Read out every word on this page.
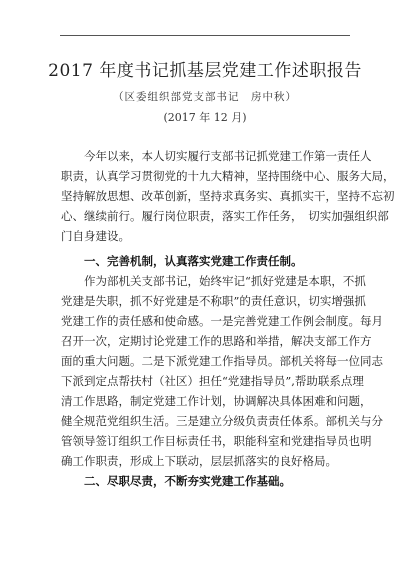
2017 年度书记抓基层党建工作述职报告
（区委组织部党支部书记　房中秋）
(2017 年 12 月)
今年以来，本人切实履行支部书记抓党建工作第一责任人
职责，认真学习贯彻党的十九大精神，坚持围绕中心、服务大局，
坚持解放思想、改革创新，坚持求真务实、真抓实干，坚持不忘初
心、继续前行。履行岗位职责，落实工作任务，　切实加强组织部
门自身建设。
一、完善机制，认真落实党建工作责任制。
作为部机关支部书记，始终牢记“抓好党建是本职，不抓
党建是失职，抓不好党建是不称职”的责任意识，切实增强抓
党建工作的责任感和使命感。一是完善党建工作例会制度。每月
召开一次，定期讨论党建工作的思路和举措，解决支部工作方
面的重大问题。二是下派党建工作指导员。部机关将每一位同志
下派到定点帮扶村（社区）担任“党建指导员”,帮助联系点理
清工作思路，制定党建工作计划，协调解决具体困难和问题，
健全规范党组织生活。三是建立分级负责责任体系。部机关与分
管领导签订组织工作目标责任书，职能科室和党建指导员也明
确工作职责，形成上下联动，层层抓落实的良好格局。
二、尽职尽责，不断夯实党建工作基础。
